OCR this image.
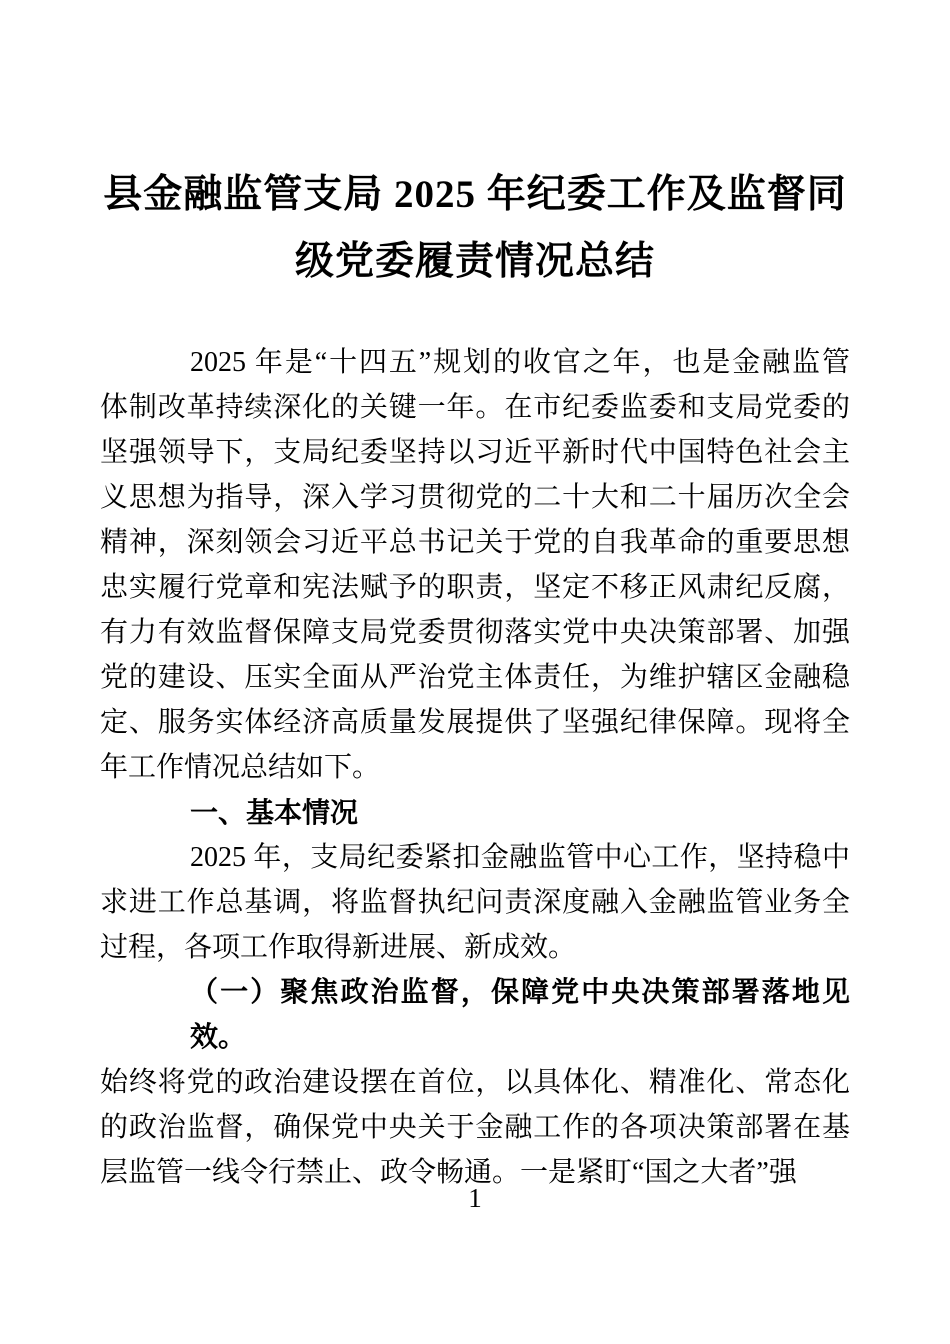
县金融监管支局 2025 年纪委工作及监督同
级党委履责情况总结
2025 年是“十四五”规划的收官之年，也是金融监管
体制改革持续深化的关键一年。在市纪委监委和支局党委的
坚强领导下，支局纪委坚持以习近平新时代中国特色社会主
义思想为指导，深入学习贯彻党的二十大和二十届历次全会
精神，深刻领会习近平总书记关于党的自我革命的重要思想
忠实履行党章和宪法赋予的职责，坚定不移正风肃纪反腐，
有力有效监督保障支局党委贯彻落实党中央决策部署、加强
党的建设、压实全面从严治党主体责任，为维护辖区金融稳
定、服务实体经济高质量发展提供了坚强纪律保障。现将全
年工作情况总结如下。
一、基本情况
2025 年，支局纪委紧扣金融监管中心工作，坚持稳中
求进工作总基调，将监督执纪问责深度融入金融监管业务全
过程，各项工作取得新进展、新成效。
（一）聚焦政治监督，保障党中央决策部署落地见效。
始终将党的政治建设摆在首位，以具体化、精准化、常态化
的政治监督，确保党中央关于金融工作的各项决策部署在基
层监管一线令行禁止、政令畅通。一是紧盯“国之大者”强
1
